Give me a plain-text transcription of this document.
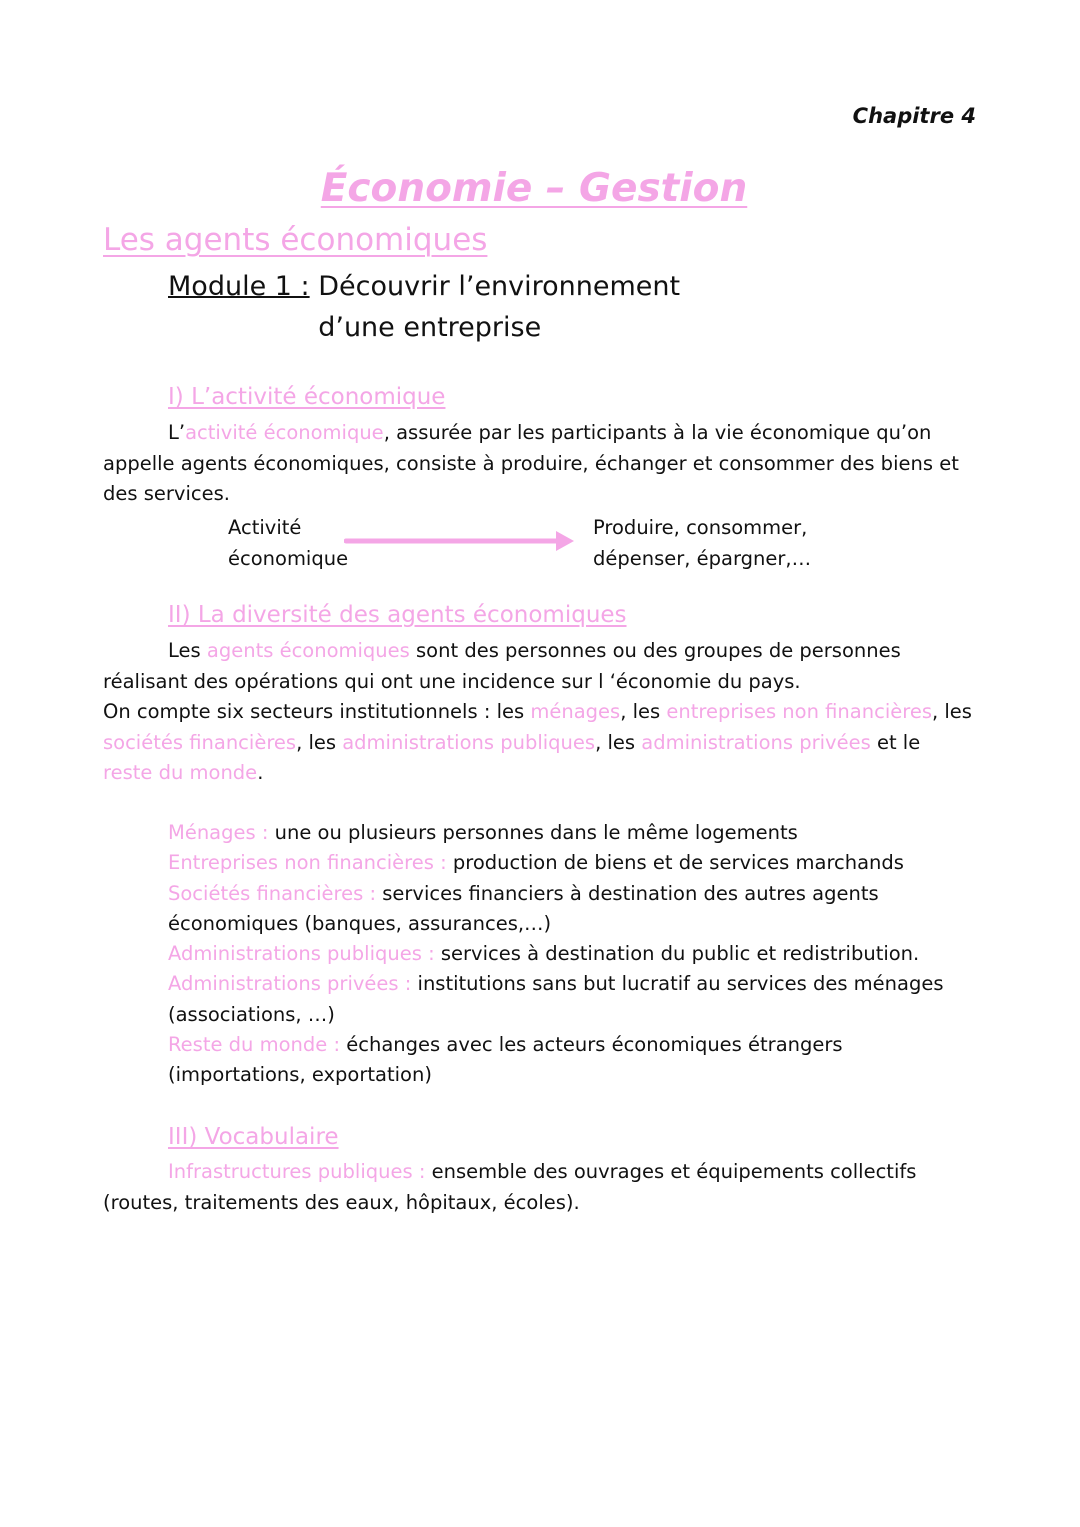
Chapitre 4
Économie – Gestion
Les agents économiques
Module 1 : Découvrir l’environnement d’une entreprise
I) L’activité économique
L’activité économique, assurée par les participants à la vie économique qu’on appelle agents économiques, consiste à produire, échanger et consommer des biens et des services.
Activité économique
Produire, consommer, dépenser, épargner,…
II) La diversité des agents économiques
Les agents économiques sont des personnes ou des groupes de personnes réalisant des opérations qui ont une incidence sur l ‘économie du pays.
On compte six secteurs institutionnels : les ménages, les entreprises non financières, les sociétés financières, les administrations publiques, les administrations privées et le reste du monde.
Ménages : une ou plusieurs personnes dans le même logements
Entreprises non financières : production de biens et de services marchands
Sociétés financières : services financiers à destination des autres agents économiques (banques, assurances,…)
Administrations publiques : services à destination du public et redistribution.
Administrations privées : institutions sans but lucratif au services des ménages (associations, …)
Reste du monde : échanges avec les acteurs économiques étrangers (importations, exportation)
III) Vocabulaire
Infrastructures publiques : ensemble des ouvrages et équipements collectifs (routes, traitements des eaux, hôpitaux, écoles).
